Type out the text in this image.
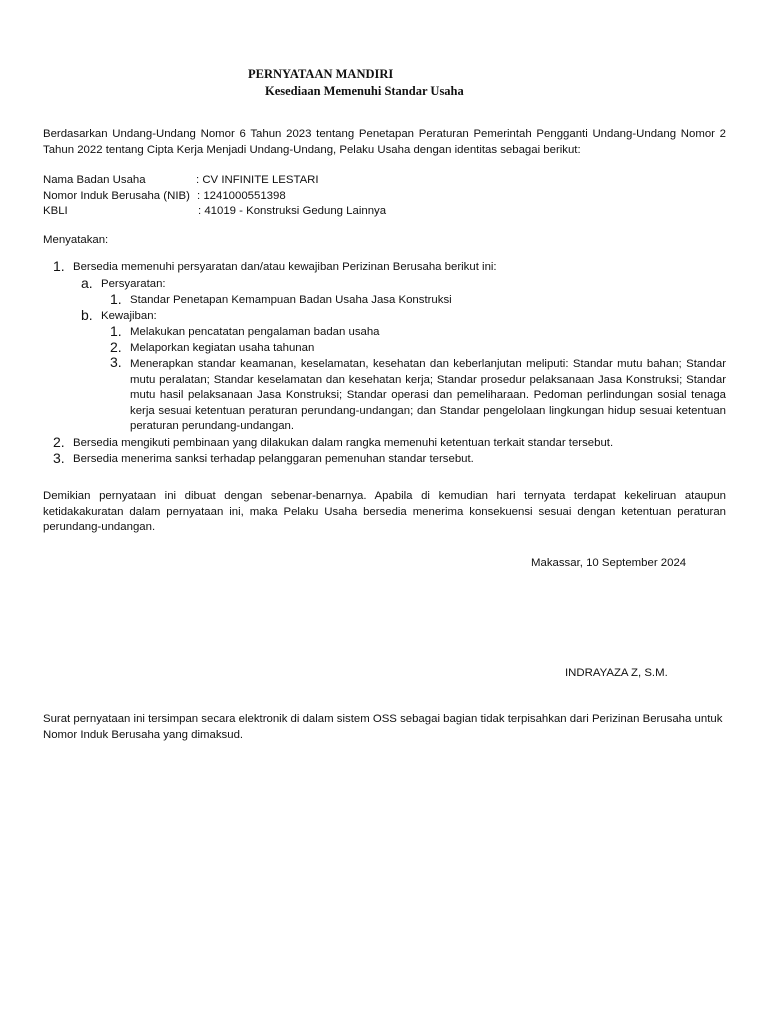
PERNYATAAN MANDIRI
Kesediaan Memenuhi Standar Usaha
Berdasarkan Undang-Undang Nomor 6 Tahun 2023 tentang Penetapan Peraturan Pemerintah Pengganti Undang-Undang Nomor 2 Tahun 2022 tentang Cipta Kerja Menjadi Undang-Undang, Pelaku Usaha dengan identitas sebagai berikut:
Nama Badan Usaha	: CV INFINITE LESTARI
Nomor Induk Berusaha (NIB) : 1241000551398
KBLI	: 41019 - Konstruksi Gedung Lainnya
Menyatakan:
1. Bersedia memenuhi persyaratan dan/atau kewajiban Perizinan Berusaha berikut ini:
a. Persyaratan:
1. Standar Penetapan Kemampuan Badan Usaha Jasa Konstruksi
b. Kewajiban:
1. Melakukan pencatatan pengalaman badan usaha
2. Melaporkan kegiatan usaha tahunan
3. Menerapkan standar keamanan, keselamatan, kesehatan dan keberlanjutan meliputi: Standar mutu bahan; Standar mutu peralatan; Standar keselamatan dan kesehatan kerja; Standar prosedur pelaksanaan Jasa Konstruksi; Standar mutu hasil pelaksanaan Jasa Konstruksi; Standar operasi dan pemeliharaan. Pedoman perlindungan sosial tenaga kerja sesuai ketentuan peraturan perundang-undangan; dan Standar pengelolaan lingkungan hidup sesuai ketentuan peraturan perundang-undangan.
2. Bersedia mengikuti pembinaan yang dilakukan dalam rangka memenuhi ketentuan terkait standar tersebut.
3. Bersedia menerima sanksi terhadap pelanggaran pemenuhan standar tersebut.
Demikian pernyataan ini dibuat dengan sebenar-benarnya. Apabila di kemudian hari ternyata terdapat kekeliruan ataupun ketidakakuratan dalam pernyataan ini, maka Pelaku Usaha bersedia menerima konsekuensi sesuai dengan ketentuan peraturan perundang-undangan.
Makassar, 10 September 2024
INDRAYAZA Z, S.M.
Surat pernyataan ini tersimpan secara elektronik di dalam sistem OSS sebagai bagian tidak terpisahkan dari Perizinan Berusaha untuk Nomor Induk Berusaha yang dimaksud.
